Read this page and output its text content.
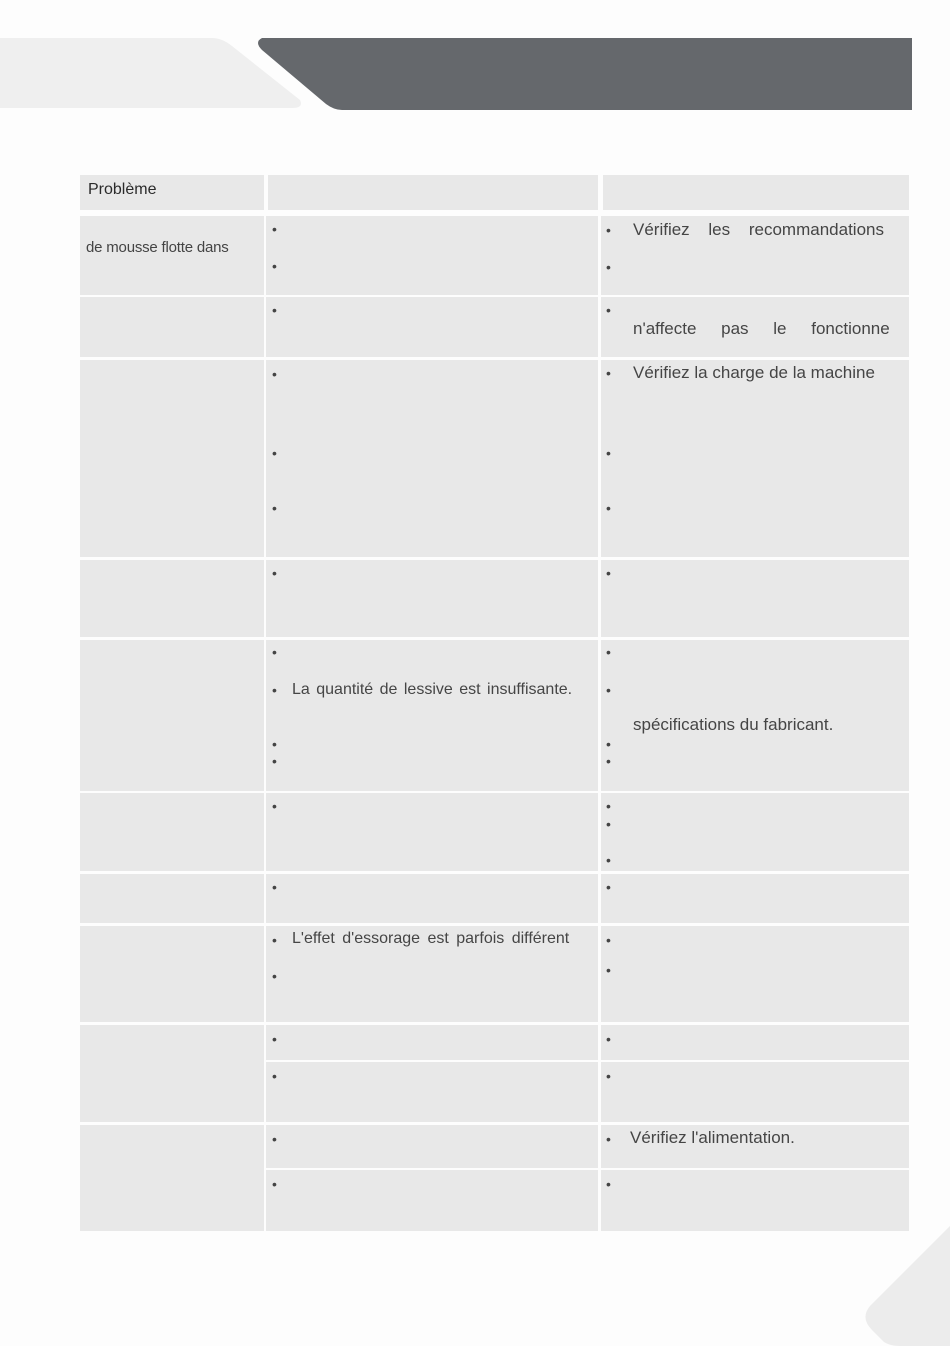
Problème
de mousse flotte dans
•
•
•
•
•
•
•
•
•
•
•
•
•
•
•
•
•
•
•
•
•
•
•
•
•
•
•
•
•
•
•
•
•
•
•
•
•
•
•
•
Vérifiez les recommandations
n'affecte pas le fonctionne
Vérifiez la charge de la machine
La quantité de lessive est insuffisante.
spécifications du fabricant.
L'effet d'essorage est parfois différent
Vérifiez l'alimentation.
